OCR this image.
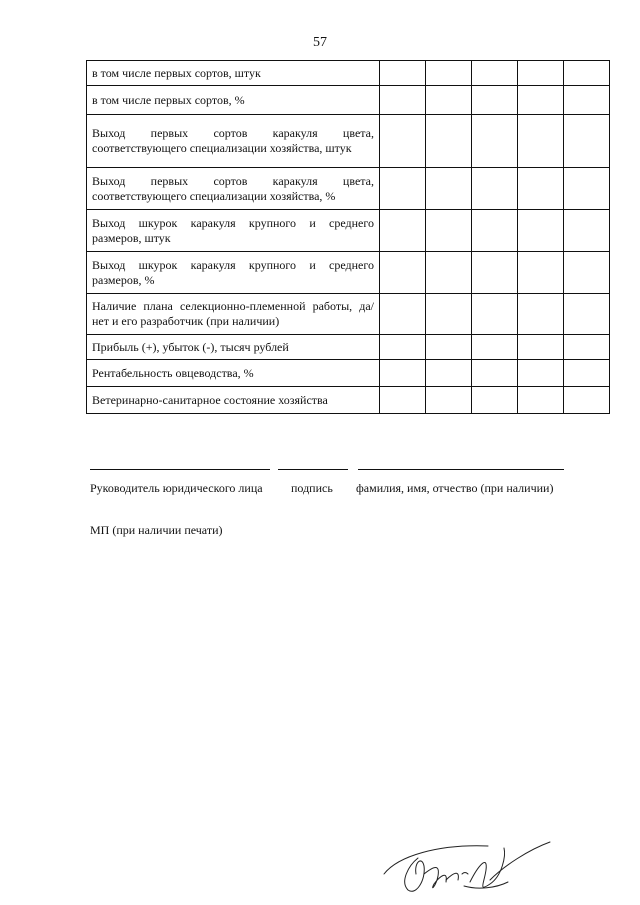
57
в том числе первых сортов, штук					
в том числе первых сортов, %					
Выход первых сортов каракуля цвета, соответствующего специализации хозяйства, штук					
Выход первых сортов каракуля цвета, соответствующего специализации хозяйства, %					
Выход шкурок каракуля крупного и среднего размеров, штук					
Выход шкурок каракуля крупного и среднего размеров, %					
Наличие плана селекционно-племенной работы, да/нет и его разработчик (при наличии)					
Прибыль (+), убыток (-), тысяч рублей					
Рентабельность овцеводства, %					
Ветеринарно-санитарное состояние хозяйства					
Руководитель юридического лица подпись фамилия, имя, отчество (при наличии)
МП (при наличии печати)
